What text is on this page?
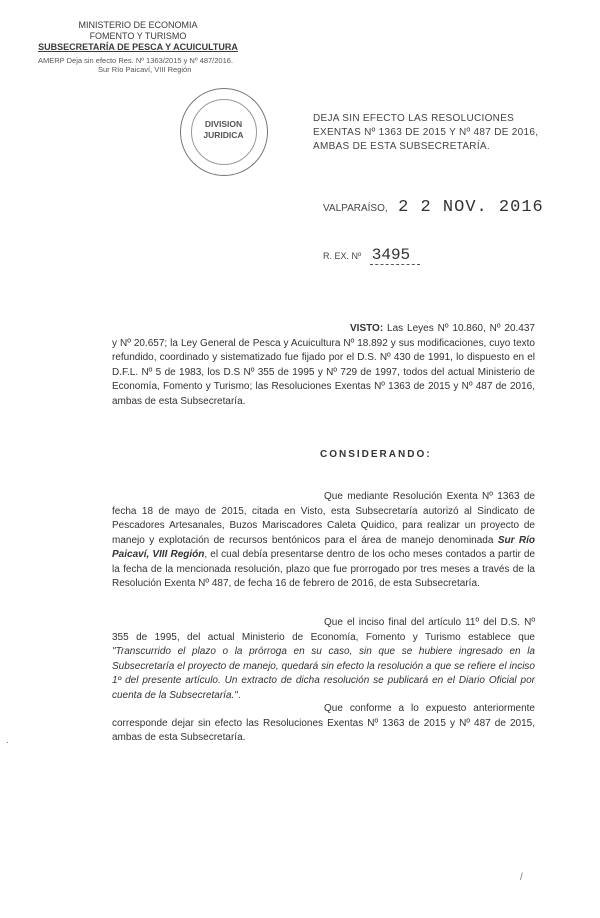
MINISTERIO DE ECONOMIA
FOMENTO Y TURISMO
SUBSECRETARÍA DE PESCA Y ACUICULTURA
AMERP Deja sin efecto Res. Nº 1363/2015 y Nº 487/2016.
Sur Río Paicaví, VIII Región
DIVISION
JURIDICA
DEJA SIN EFECTO LAS RESOLUCIONES EXENTAS Nº 1363 DE 2015 Y Nº 487 DE 2016, AMBAS DE ESTA SUBSECRETARÍA.
VALPARAÍSO, 2 2 NOV. 2016
R. EX. Nº 3495
VISTO: Las Leyes Nº 10.860, Nº 20.437 y Nº 20.657; la Ley General de Pesca y Acuicultura Nº 18.892 y sus modificaciones, cuyo texto refundido, coordinado y sistematizado fue fijado por el D.S. Nº 430 de 1991, lo dispuesto en el D.F.L. Nº 5 de 1983, los D.S Nº 355 de 1995 y Nº 729 de 1997, todos del actual Ministerio de Economía, Fomento y Turismo; las Resoluciones Exentas Nº 1363 de 2015 y Nº 487 de 2016, ambas de esta Subsecretaría.
CONSIDERANDO:
Que mediante Resolución Exenta Nº 1363 de fecha 18 de mayo de 2015, citada en Visto, esta Subsecretaría autorizó al Sindicato de Pescadores Artesanales, Buzos Mariscadores Caleta Quidico, para realizar un proyecto de manejo y explotación de recursos bentónicos para el área de manejo denominada Sur Río Paicaví, VIII Región, el cual debía presentarse dentro de los ocho meses contados a partir de la fecha de la mencionada resolución, plazo que fue prorrogado por tres meses a través de la Resolución Exenta Nº 487, de fecha 16 de febrero de 2016, de esta Subsecretaría.
Que el inciso final del artículo 11º del D.S. Nº 355 de 1995, del actual Ministerio de Economía, Fomento y Turismo establece que "Transcurrido el plazo o la prórroga en su caso, sin que se hubiere ingresado en la Subsecretaría el proyecto de manejo, quedará sin efecto la resolución a que se refiere el inciso 1º del presente artículo. Un extracto de dicha resolución se publicará en el Diario Oficial por cuenta de la Subsecretaría.".
Que conforme a lo expuesto anteriormente corresponde dejar sin efecto las Resoluciones Exentas Nº 1363 de 2015 y Nº 487 de 2015, ambas de esta Subsecretaría.
.
/
